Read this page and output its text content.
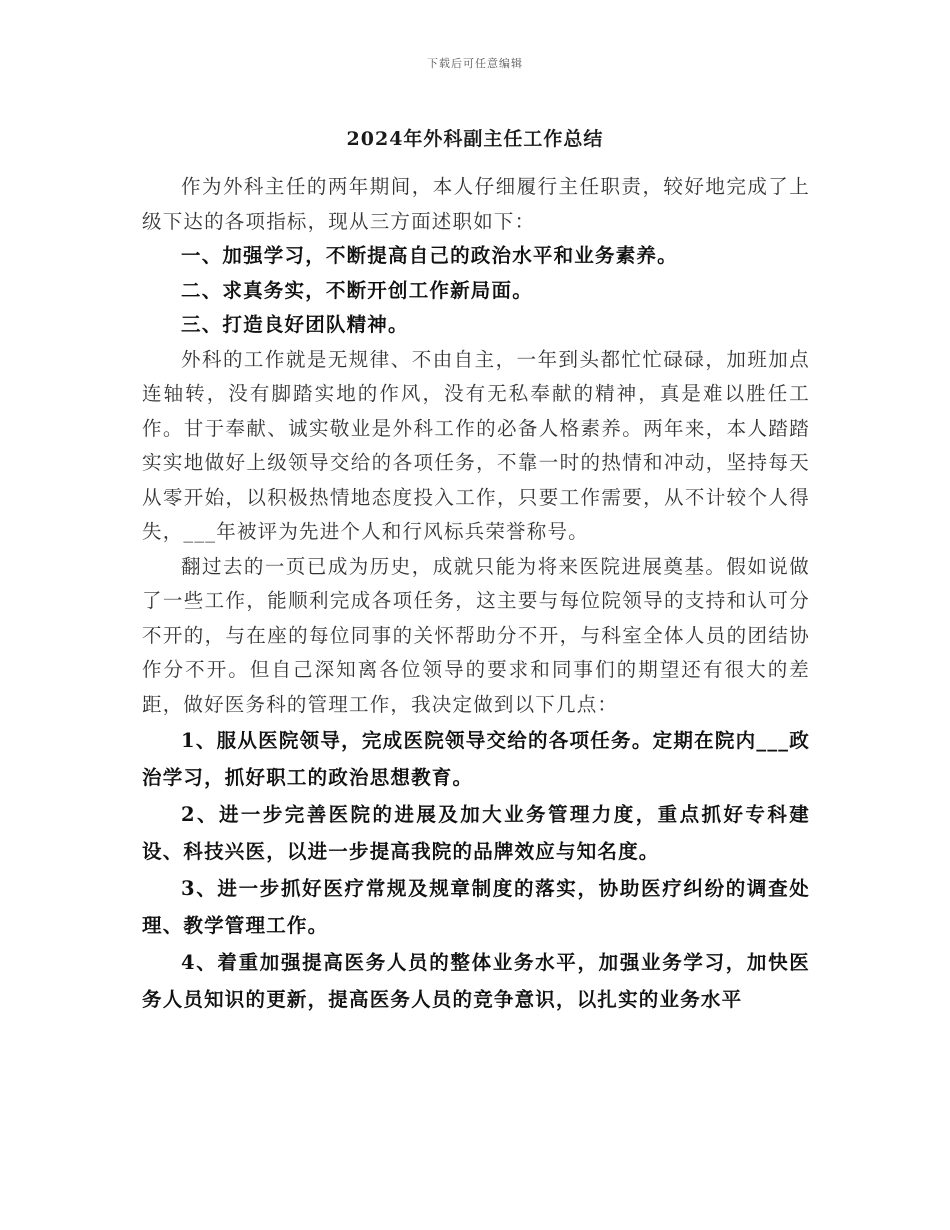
下载后可任意编辑
2024年外科副主任工作总结

作为外科主任的两年期间，本人仔细履行主任职责，较好地完成了上级下达的各项指标，现从三方面述职如下：

一、加强学习，不断提高自己的政治水平和业务素养。

二、求真务实，不断开创工作新局面。

三、打造良好团队精神。

外科的工作就是无规律、不由自主，一年到头都忙忙碌碌，加班加点连轴转，没有脚踏实地的作风，没有无私奉献的精神，真是难以胜任工作。甘于奉献、诚实敬业是外科工作的必备人格素养。两年来，本人踏踏实实地做好上级领导交给的各项任务，不靠一时的热情和冲动，坚持每天从零开始，以积极热情地态度投入工作，只要工作需要，从不计较个人得失，___年被评为先进个人和行风标兵荣誉称号。

翻过去的一页已成为历史，成就只能为将来医院进展奠基。假如说做了一些工作，能顺利完成各项任务，这主要与每位院领导的支持和认可分不开的，与在座的每位同事的关怀帮助分不开，与科室全体人员的团结协作分不开。但自己深知离各位领导的要求和同事们的期望还有很大的差距，做好医务科的管理工作，我决定做到以下几点：

1、服从医院领导，完成医院领导交给的各项任务。定期在院内___政治学习，抓好职工的政治思想教育。

2、进一步完善医院的进展及加大业务管理力度，重点抓好专科建设、科技兴医，以进一步提高我院的品牌效应与知名度。

3、进一步抓好医疗常规及规章制度的落实，协助医疗纠纷的调查处理、教学管理工作。

4、着重加强提高医务人员的整体业务水平，加强业务学习，加快医务人员知识的更新，提高医务人员的竞争意识，以扎实的业务水平
